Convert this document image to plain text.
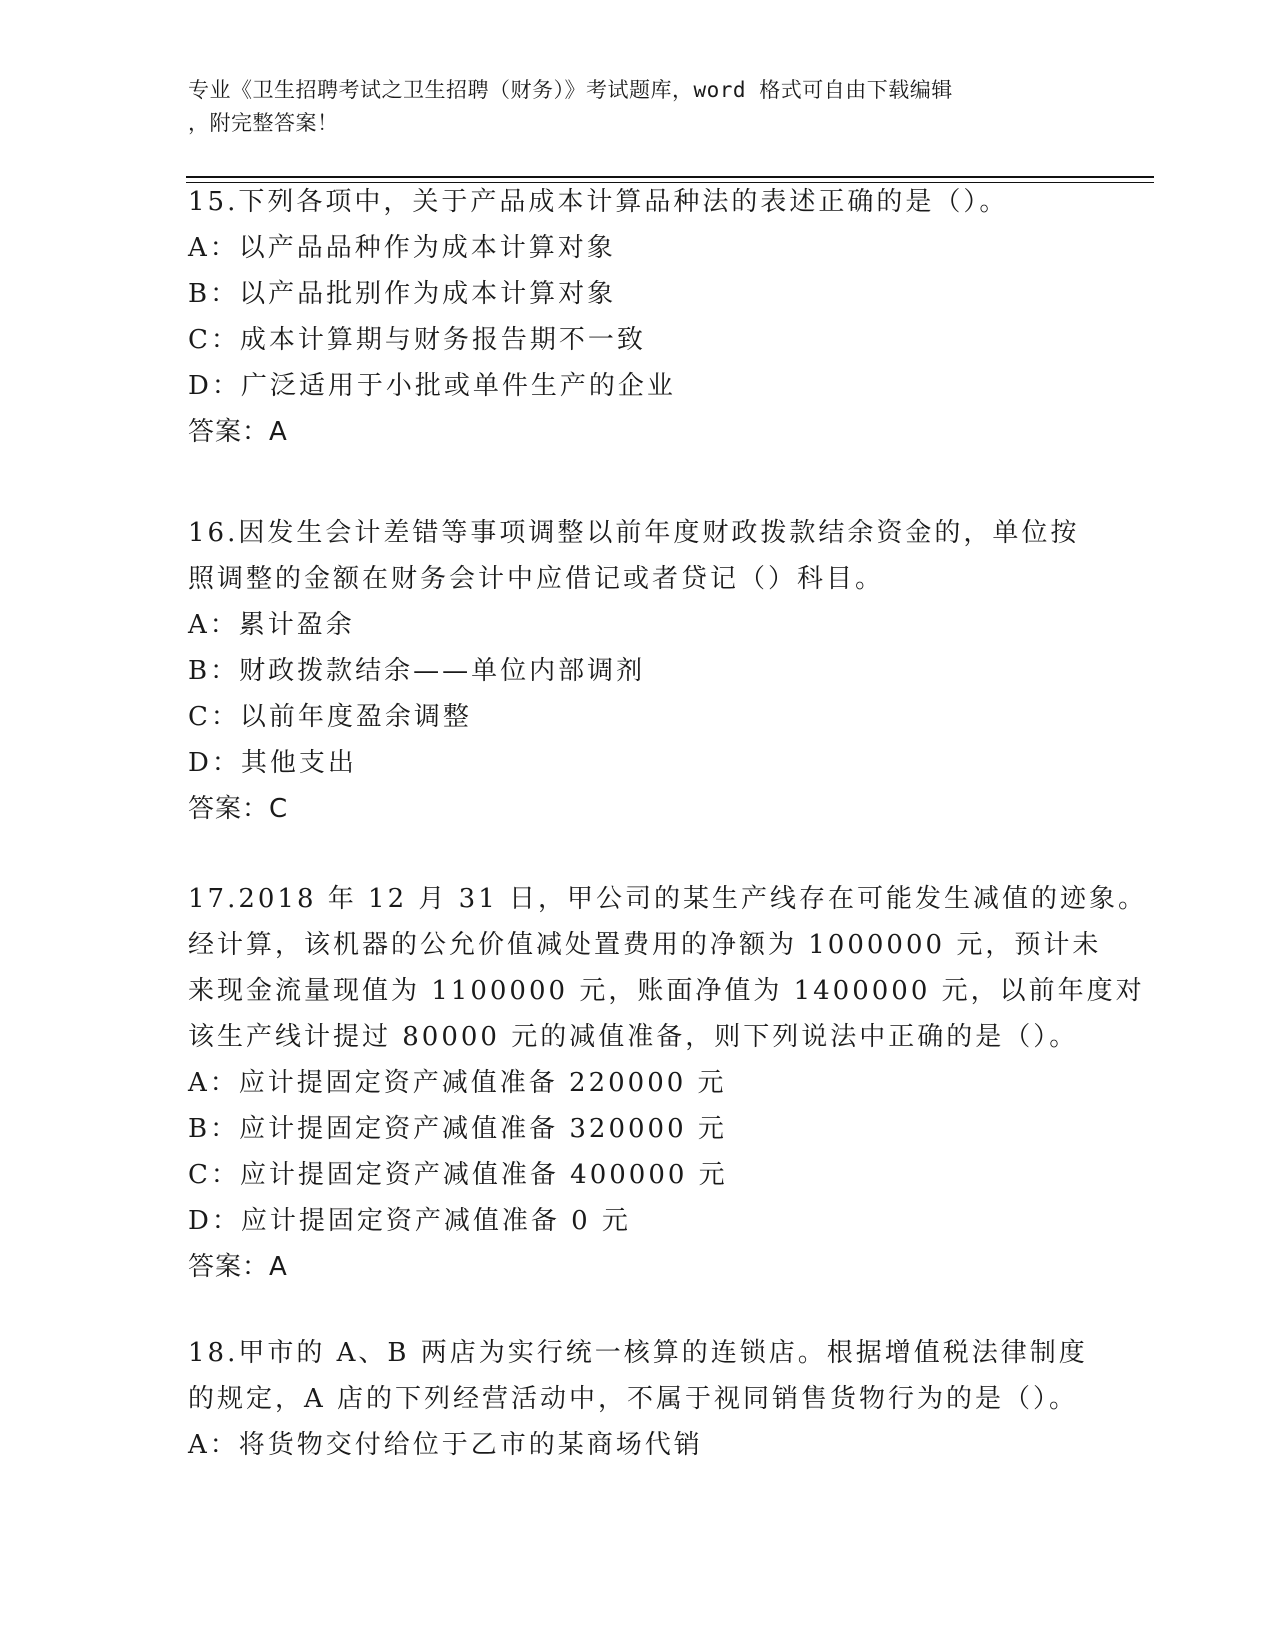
专业《卫生招聘考试之卫生招聘（财务）》考试题库，word 格式可自由下载编辑
，附完整答案！
15.下列各项中，关于产品成本计算品种法的表述正确的是（）。
A：以产品品种作为成本计算对象
B：以产品批别作为成本计算对象
C：成本计算期与财务报告期不一致
D：广泛适用于小批或单件生产的企业
答案：A
16.因发生会计差错等事项调整以前年度财政拨款结余资金的，单位按
照调整的金额在财务会计中应借记或者贷记（）科目。
A：累计盈余
B：财政拨款结余——单位内部调剂
C：以前年度盈余调整
D：其他支出
答案：C
17.2018 年 12 月 31 日，甲公司的某生产线存在可能发生减值的迹象。
经计算，该机器的公允价值减处置费用的净额为 1000000 元，预计未
来现金流量现值为 1100000 元，账面净值为 1400000 元，以前年度对
该生产线计提过 80000 元的减值准备，则下列说法中正确的是（）。
A：应计提固定资产减值准备 220000 元
B：应计提固定资产减值准备 320000 元
C：应计提固定资产减值准备 400000 元
D：应计提固定资产减值准备 0 元
答案：A
18.甲市的 A、B 两店为实行统一核算的连锁店。根据增值税法律制度
的规定，A 店的下列经营活动中，不属于视同销售货物行为的是（）。
A：将货物交付给位于乙市的某商场代销
